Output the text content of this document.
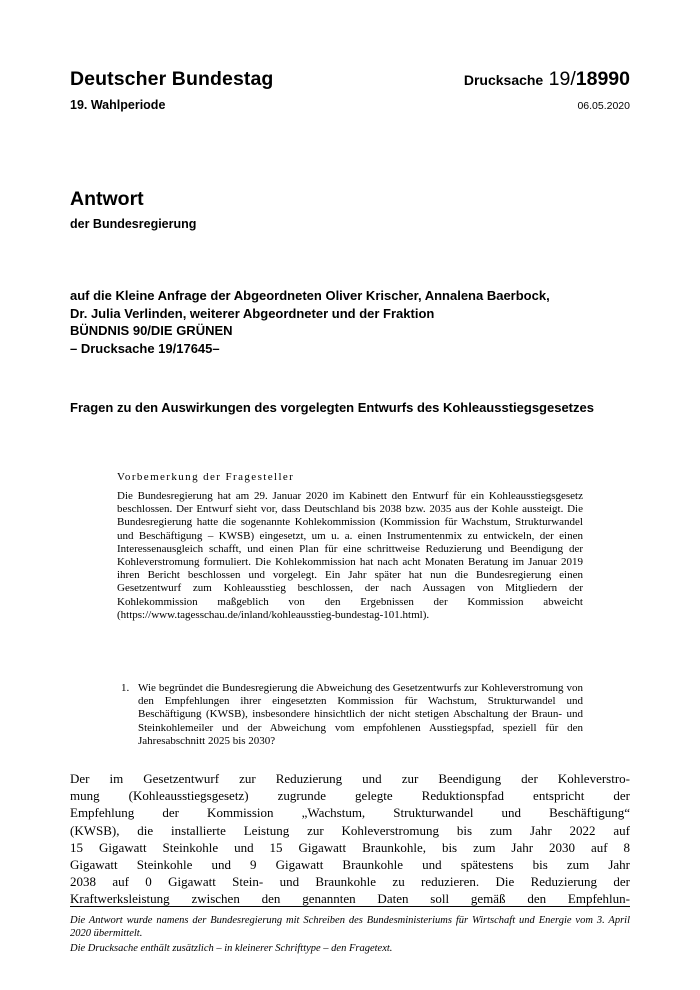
Deutscher Bundestag
19. Wahlperiode
Drucksache 19/18990
06.05.2020
Antwort
der Bundesregierung
auf die Kleine Anfrage der Abgeordneten Oliver Krischer, Annalena Baerbock,
Dr. Julia Verlinden, weiterer Abgeordneter und der Fraktion
BÜNDNIS 90/DIE GRÜNEN
– Drucksache 19/17645–
Fragen zu den Auswirkungen des vorgelegten Entwurfs des Kohleausstiegsgesetzes
Vorbemerkung der Fragesteller
Die Bundesregierung hat am 29. Januar 2020 im Kabinett den Entwurf für ein Kohleausstiegsgesetz beschlossen. Der Entwurf sieht vor, dass Deutschland bis 2038 bzw. 2035 aus der Kohle aussteigt. Die Bundesregierung hatte die sogenannte Kohlekommission (Kommission für Wachstum, Strukturwandel und Beschäftigung – KWSB) eingesetzt, um u. a. einen Instrumentenmix zu entwickeln, der einen Interessenausgleich schafft, und einen Plan für eine schrittweise Reduzierung und Beendigung der Kohleverstromung formuliert. Die Kohlekommission hat nach acht Monaten Beratung im Januar 2019 ihren Bericht beschlossen und vorgelegt. Ein Jahr später hat nun die Bundesregierung einen Gesetzentwurf zum Kohleausstieg beschlossen, der nach Aussagen von Mitgliedern der Kohlekommission maßgeblich von den Ergebnissen der Kommission abweicht (https://www.tagesschau.de/inland/kohleausstieg-bundestag-101.html).
1. Wie begründet die Bundesregierung die Abweichung des Gesetzentwurfs zur Kohleverstromung von den Empfehlungen ihrer eingesetzten Kommission für Wachstum, Strukturwandel und Beschäftigung (KWSB), insbesondere hinsichtlich der nicht stetigen Abschaltung der Braun- und Steinkohlemeiler und der Abweichung vom empfohlenen Ausstiegspfad, speziell für den Jahresabschnitt 2025 bis 2030?
Der im Gesetzentwurf zur Reduzierung und zur Beendigung der Kohleverstro-
mung (Kohleausstiegsgesetz) zugrunde gelegte Reduktionspfad entspricht der
Empfehlung der Kommission „Wachstum, Strukturwandel und Beschäftigung“
(KWSB), die installierte Leistung zur Kohleverstromung bis zum Jahr 2022 auf
15 Gigawatt Steinkohle und 15 Gigawatt Braunkohle, bis zum Jahr 2030 auf 8
Gigawatt Steinkohle und 9 Gigawatt Braunkohle und spätestens bis zum Jahr
2038 auf 0 Gigawatt Stein- und Braunkohle zu reduzieren. Die Reduzierung der
Kraftwerksleistung zwischen den genannten Daten soll gemäß den Empfehlun-
Die Antwort wurde namens der Bundesregierung mit Schreiben des Bundesministeriums für Wirtschaft und Energie vom 3. April 2020 übermittelt.
Die Drucksache enthält zusätzlich – in kleinerer Schrifttype – den Fragetext.
